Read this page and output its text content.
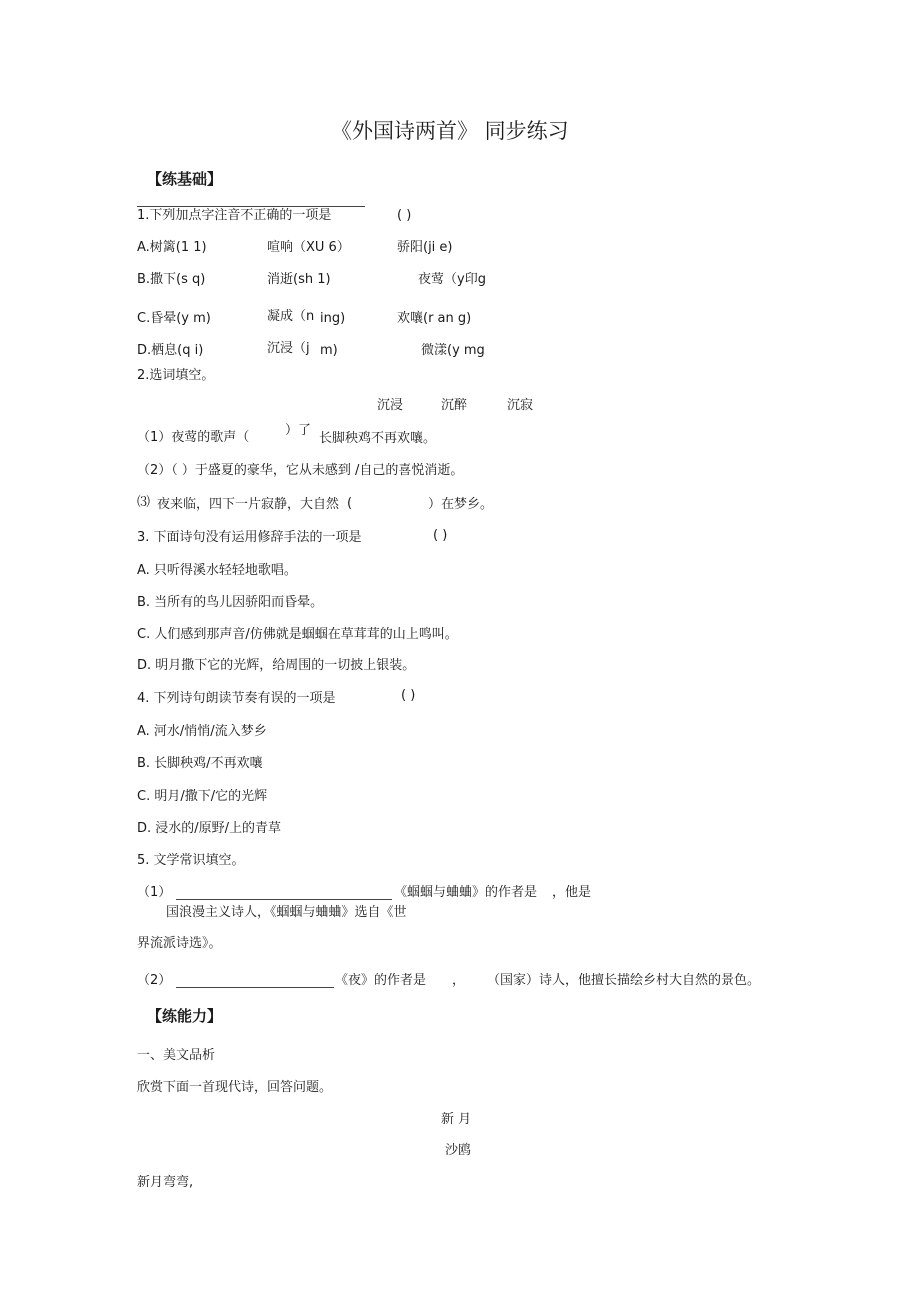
《外国诗两首》 同步练习
【练基础】
1.下列加点字注音不正确的一项是	( )
A.树篱(1 1)	喧响（XU 6）	骄阳(ji e)
B.撒下(s q)	消逝(sh 1)	夜莺（y印g
C.昏晕(y m)	凝成（n ing)	欢嚷(r an g)
D.栖息(q i)	沉浸（j m)	微漾(y mg
2.选词填空。
沉浸	沉醉	沉寂
（1）夜莺的歌声（	）了
长脚秧鸡不再欢嚷。
（2）（ ）于盛夏的豪华，它从未感到 /自己的喜悦消逝。
⑶ 夜来临，四下一片寂静，大自然 (	）在梦乡。
3. 下面诗句没有运用修辞手法的一项是	( )
A. 只听得溪水轻轻地歌唱。
B. 当所有的鸟儿因骄阳而昏晕。
C. 人们感到那声音/仿佛就是蝈蝈在草茸茸的山上鸣叫。
D. 明月撒下它的光辉，给周围的一切披上银装。
4. 下列诗句朗读节奏有误的一项是	( )
A. 河水/悄悄/流入梦乡
B. 长脚秧鸡/不再欢嚷
C. 明月/撒下/它的光辉
D. 浸水的/原野/上的青草
5. 文学常识填空。
（1）	《蝈蝈与蛐蛐》的作者是 ，他是
国浪漫主义诗人，《蝈蝈与蛐蛐》选自《世
界流派诗选》。
（2）	《夜》的作者是 ， （国家）诗人，他擅长描绘乡村大自然的景色。
【练能力】
一、美文品析
欣赏下面一首现代诗，回答问题。
新 月
沙鸥
新月弯弯,
